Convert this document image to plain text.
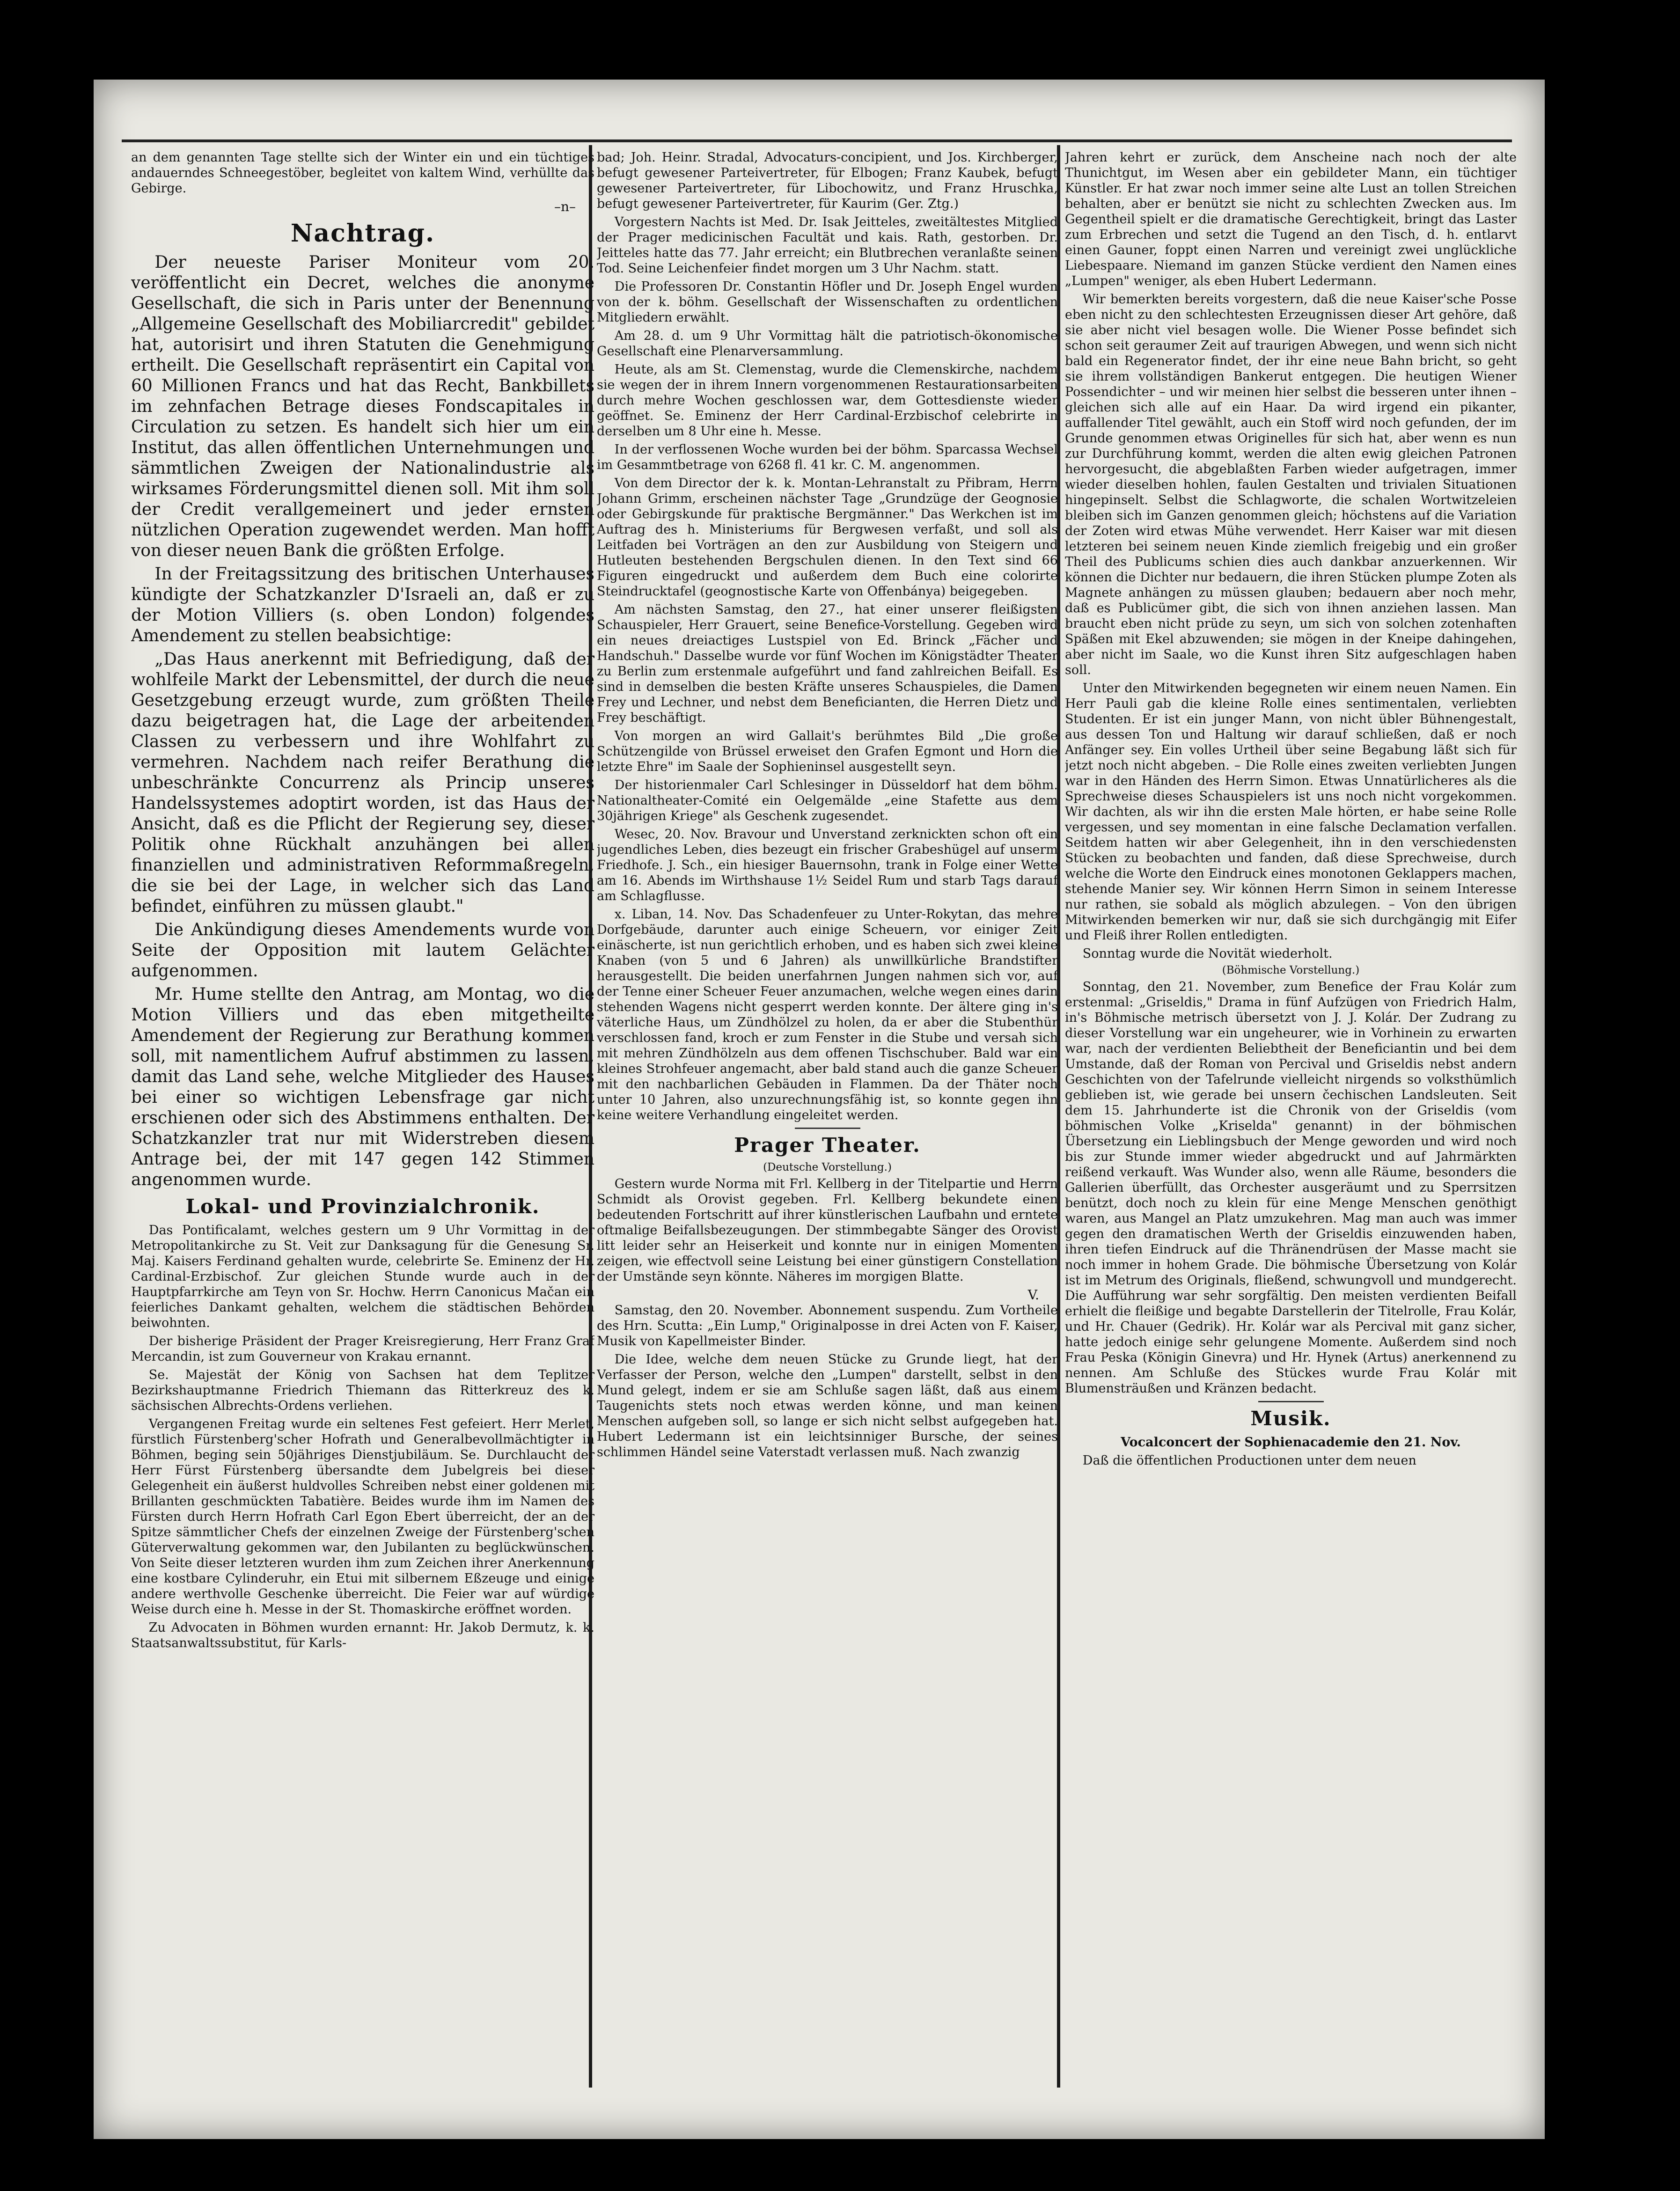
an dem genannten Tage stellte sich der Winter ein und ein tüchtiges andauerndes Schneegestöber, begleitet von kaltem Wind, verhüllte das Gebirge.

–n–
Nachtrag.

Der neueste Pariser Moniteur vom 20. veröffentlicht ein Decret, welches die anonyme Gesellschaft, die sich in Paris unter der Benennung „Allgemeine Gesellschaft des Mobiliarcredit" gebildet hat, autorisirt und ihren Statuten die Genehmigung ertheilt. Die Gesellschaft repräsentirt ein Capital von 60 Millionen Francs und hat das Recht, Bankbillets im zehnfachen Betrage dieses Fondscapitales in Circulation zu setzen. Es handelt sich hier um ein Institut, das allen öffentlichen Unternehmungen und sämmtlichen Zweigen der Nationalindustrie als wirksames Förderungsmittel dienen soll. Mit ihm soll der Credit verallgemeinert und jeder ernsten nützlichen Operation zugewendet werden. Man hofft von dieser neuen Bank die größten Erfolge.

In der Freitagssitzung des britischen Unterhauses kündigte der Schatzkanzler D'Israeli an, daß er zu der Motion Villiers (s. oben London) folgendes Amendement zu stellen beabsichtige:

„Das Haus anerkennt mit Befriedigung, daß der wohlfeile Markt der Lebensmittel, der durch die neue Gesetzgebung erzeugt wurde, zum größten Theile dazu beigetragen hat, die Lage der arbeitenden Classen zu verbessern und ihre Wohlfahrt zu vermehren. Nachdem nach reifer Berathung die unbeschränkte Concurrenz als Princip unseres Handelssystemes adoptirt worden, ist das Haus der Ansicht, daß es die Pflicht der Regierung sey, dieser Politik ohne Rückhalt anzuhängen bei allen finanziellen und administrativen Reformmaßregeln, die sie bei der Lage, in welcher sich das Land befindet, einführen zu müssen glaubt."

Die Ankündigung dieses Amendements wurde von Seite der Opposition mit lautem Gelächter aufgenommen.

Mr. Hume stellte den Antrag, am Montag, wo die Motion Villiers und das eben mitgetheilte Amendement der Regierung zur Berathung kommen soll, mit namentlichem Aufruf abstimmen zu lassen, damit das Land sehe, welche Mitglieder des Hauses bei einer so wichtigen Lebensfrage gar nicht erschienen oder sich des Abstimmens enthalten. Der Schatzkanzler trat nur mit Widerstreben diesem Antrage bei, der mit 147 gegen 142 Stimmen angenommen wurde.

Lokal- und Provinzialchronik.

Das Pontificalamt, welches gestern um 9 Uhr Vormittag in der Metropolitankirche zu St. Veit zur Danksagung für die Genesung Sr. Maj. Kaisers Ferdinand gehalten wurde, celebrirte Se. Eminenz der Hr. Cardinal-Erzbischof. Zur gleichen Stunde wurde auch in der Hauptpfarrkirche am Teyn von Sr. Hochw. Herrn Canonicus Mačan ein feierliches Dankamt gehalten, welchem die städtischen Behörden beiwohnten.

Der bisherige Präsident der Prager Kreisregierung, Herr Franz Graf Mercandin, ist zum Gouverneur von Krakau ernannt.

Se. Majestät der König von Sachsen hat dem Teplitzer Bezirkshauptmanne Friedrich Thiemann das Ritterkreuz des k. sächsischen Albrechts-Ordens verliehen.

Vergangenen Freitag wurde ein seltenes Fest gefeiert. Herr Merlet, fürstlich Fürstenberg'scher Hofrath und Generalbevollmächtigter in Böhmen, beging sein 50jähriges Dienstjubiläum. Se. Durchlaucht der Herr Fürst Fürstenberg übersandte dem Jubelgreis bei dieser Gelegenheit ein äußerst huldvolles Schreiben nebst einer goldenen mit Brillanten geschmückten Tabatière. Beides wurde ihm im Namen des Fürsten durch Herrn Hofrath Carl Egon Ebert überreicht, der an der Spitze sämmtlicher Chefs der einzelnen Zweige der Fürstenberg'schen Güterverwaltung gekommen war, den Jubilanten zu beglückwünschen. Von Seite dieser letzteren wurden ihm zum Zeichen ihrer Anerkennung eine kostbare Cylinderuhr, ein Etui mit silbernem Eßzeuge und einige andere werthvolle Geschenke überreicht. Die Feier war auf würdige Weise durch eine h. Messe in der St. Thomaskirche eröffnet worden.

Zu Advocaten in Böhmen wurden ernannt: Hr. Jakob Dermutz, k. k. Staatsanwaltssubstitut, für Karls-

bad; Joh. Heinr. Stradal, Advocaturs-concipient, und Jos. Kirchberger, befugt gewesener Parteivertreter, für Elbogen; Franz Kaubek, befugt gewesener Parteivertreter, für Libochowitz, und Franz Hruschka, befugt gewesener Parteivertreter, für Kaurim (Ger. Ztg.)

Vorgestern Nachts ist Med. Dr. Isak Jeitteles, zweitältestes Mitglied der Prager medicinischen Facultät und kais. Rath, gestorben. Dr. Jeitteles hatte das 77. Jahr erreicht; ein Blutbrechen veranlaßte seinen Tod. Seine Leichenfeier findet morgen um 3 Uhr Nachm. statt.

Die Professoren Dr. Constantin Höfler und Dr. Joseph Engel wurden von der k. böhm. Gesellschaft der Wissenschaften zu ordentlichen Mitgliedern erwählt.

Am 28. d. um 9 Uhr Vormittag hält die patriotisch-ökonomische Gesellschaft eine Plenarversammlung.

Heute, als am St. Clemenstag, wurde die Clemenskirche, nachdem sie wegen der in ihrem Innern vorgenommenen Restaurationsarbeiten durch mehre Wochen geschlossen war, dem Gottesdienste wieder geöffnet. Se. Eminenz der Herr Cardinal-Erzbischof celebrirte in derselben um 8 Uhr eine h. Messe.

In der verflossenen Woche wurden bei der böhm. Sparcassa Wechsel im Gesammtbetrage von 6268 fl. 41 kr. C. M. angenommen.

Von dem Director der k. k. Montan-Lehranstalt zu Přibram, Herrn Johann Grimm, erscheinen nächster Tage „Grundzüge der Geognosie oder Gebirgskunde für praktische Bergmänner." Das Werkchen ist im Auftrag des h. Ministeriums für Bergwesen verfaßt, und soll als Leitfaden bei Vorträgen an den zur Ausbildung von Steigern und Hutleuten bestehenden Bergschulen dienen. In den Text sind 66 Figuren eingedruckt und außerdem dem Buch eine colorirte Steindrucktafel (geognostische Karte von Offenbánya) beigegeben.

Am nächsten Samstag, den 27., hat einer unserer fleißigsten Schauspieler, Herr Grauert, seine Benefice-Vorstellung. Gegeben wird ein neues dreiactiges Lustspiel von Ed. Brinck „Fächer und Handschuh." Dasselbe wurde vor fünf Wochen im Königstädter Theater zu Berlin zum erstenmale aufgeführt und fand zahlreichen Beifall. Es sind in demselben die besten Kräfte unseres Schauspieles, die Damen Frey und Lechner, und nebst dem Beneficianten, die Herren Dietz und Frey beschäftigt.

Von morgen an wird Gallait's berühmtes Bild „Die große Schützengilde von Brüssel erweiset den Grafen Egmont und Horn die letzte Ehre" im Saale der Sophieninsel ausgestellt seyn.

Der historienmaler Carl Schlesinger in Düsseldorf hat dem böhm. Nationaltheater-Comité ein Oelgemälde „eine Stafette aus dem 30jährigen Kriege" als Geschenk zugesendet.

Wesec, 20. Nov. Bravour und Unverstand zerknickten schon oft ein jugendliches Leben, dies bezeugt ein frischer Grabeshügel auf unserm Friedhofe. J. Sch., ein hiesiger Bauernsohn, trank in Folge einer Wette am 16. Abends im Wirthshause 1½ Seidel Rum und starb Tags darauf am Schlagflusse.

x. Liban, 14. Nov. Das Schadenfeuer zu Unter-Rokytan, das mehre Dorfgebäude, darunter auch einige Scheuern, vor einiger Zeit einäscherte, ist nun gerichtlich erhoben, und es haben sich zwei kleine Knaben (von 5 und 6 Jahren) als unwillkürliche Brandstifter herausgestellt. Die beiden unerfahrnen Jungen nahmen sich vor, auf der Tenne einer Scheuer Feuer anzumachen, welche wegen eines darin stehenden Wagens nicht gesperrt werden konnte. Der ältere ging in's väterliche Haus, um Zündhölzel zu holen, da er aber die Stubenthür verschlossen fand, kroch er zum Fenster in die Stube und versah sich mit mehren Zündhölzeln aus dem offenen Tischschuber. Bald war ein kleines Strohfeuer angemacht, aber bald stand auch die ganze Scheuer mit den nachbarlichen Gebäuden in Flammen. Da der Thäter noch unter 10 Jahren, also unzurechnungsfähig ist, so konnte gegen ihn keine weitere Verhandlung eingeleitet werden.

Prager Theater.
(Deutsche Vorstellung.)

Gestern wurde Norma mit Frl. Kellberg in der Titelpartie und Herrn Schmidt als Orovist gegeben. Frl. Kellberg bekundete einen bedeutenden Fortschritt auf ihrer künstlerischen Laufbahn und erntete oftmalige Beifallsbezeugungen. Der stimmbegabte Sänger des Orovist litt leider sehr an Heiserkeit und konnte nur in einigen Momenten zeigen, wie effectvoll seine Leistung bei einer günstigern Constellation der Umstände seyn könnte. Näheres im morgigen Blatte.

V.

Samstag, den 20. November. Abonnement suspendu. Zum Vortheile des Hrn. Scutta: „Ein Lump," Originalposse in drei Acten von F. Kaiser, Musik von Kapellmeister Binder.

Die Idee, welche dem neuen Stücke zu Grunde liegt, hat der Verfasser der Person, welche den „Lumpen" darstellt, selbst in den Mund gelegt, indem er sie am Schluße sagen läßt, daß aus einem Taugenichts stets noch etwas werden könne, und man keinen Menschen aufgeben soll, so lange er sich nicht selbst aufgegeben hat. Hubert Ledermann ist ein leichtsinniger Bursche, der seines schlimmen Händel seine Vaterstadt verlassen muß. Nach zwanzig

Jahren kehrt er zurück, dem Anscheine nach noch der alte Thunichtgut, im Wesen aber ein gebildeter Mann, ein tüchtiger Künstler. Er hat zwar noch immer seine alte Lust an tollen Streichen behalten, aber er benützt sie nicht zu schlechten Zwecken aus. Im Gegentheil spielt er die dramatische Gerechtigkeit, bringt das Laster zum Erbrechen und setzt die Tugend an den Tisch, d. h. entlarvt einen Gauner, foppt einen Narren und vereinigt zwei unglückliche Liebespaare. Niemand im ganzen Stücke verdient den Namen eines „Lumpen" weniger, als eben Hubert Ledermann.

Wir bemerkten bereits vorgestern, daß die neue Kaiser'sche Posse eben nicht zu den schlechtesten Erzeugnissen dieser Art gehöre, daß sie aber nicht viel besagen wolle. Die Wiener Posse befindet sich schon seit geraumer Zeit auf traurigen Abwegen, und wenn sich nicht bald ein Regenerator findet, der ihr eine neue Bahn bricht, so geht sie ihrem vollständigen Bankerut entgegen. Die heutigen Wiener Possendichter – und wir meinen hier selbst die besseren unter ihnen – gleichen sich alle auf ein Haar. Da wird irgend ein pikanter, auffallender Titel gewählt, auch ein Stoff wird noch gefunden, der im Grunde genommen etwas Originelles für sich hat, aber wenn es nun zur Durchführung kommt, werden die alten ewig gleichen Patronen hervorgesucht, die abgeblaßten Farben wieder aufgetragen, immer wieder dieselben hohlen, faulen Gestalten und trivialen Situationen hingepinselt. Selbst die Schlagworte, die schalen Wortwitzeleien bleiben sich im Ganzen genommen gleich; höchstens auf die Variation der Zoten wird etwas Mühe verwendet. Herr Kaiser war mit diesen letzteren bei seinem neuen Kinde ziemlich freigebig und ein großer Theil des Publicums schien dies auch dankbar anzuerkennen. Wir können die Dichter nur bedauern, die ihren Stücken plumpe Zoten als Magnete anhängen zu müssen glauben; bedauern aber noch mehr, daß es Publicümer gibt, die sich von ihnen anziehen lassen. Man braucht eben nicht prüde zu seyn, um sich von solchen zotenhaften Späßen mit Ekel abzuwenden; sie mögen in der Kneipe dahingehen, aber nicht im Saale, wo die Kunst ihren Sitz aufgeschlagen haben soll.

Unter den Mitwirkenden begegneten wir einem neuen Namen. Ein Herr Pauli gab die kleine Rolle eines sentimentalen, verliebten Studenten. Er ist ein junger Mann, von nicht übler Bühnengestalt, aus dessen Ton und Haltung wir darauf schließen, daß er noch Anfänger sey. Ein volles Urtheil über seine Begabung läßt sich für jetzt noch nicht abgeben. – Die Rolle eines zweiten verliebten Jungen war in den Händen des Herrn Simon. Etwas Unnatürlicheres als die Sprechweise dieses Schauspielers ist uns noch nicht vorgekommen. Wir dachten, als wir ihn die ersten Male hörten, er habe seine Rolle vergessen, und sey momentan in eine falsche Declamation verfallen. Seitdem hatten wir aber Gelegenheit, ihn in den verschiedensten Stücken zu beobachten und fanden, daß diese Sprechweise, durch welche die Worte den Eindruck eines monotonen Geklappers machen, stehende Manier sey. Wir können Herrn Simon in seinem Interesse nur rathen, sie sobald als möglich abzulegen. – Von den übrigen Mitwirkenden bemerken wir nur, daß sie sich durchgängig mit Eifer und Fleiß ihrer Rollen entledigten.

Sonntag wurde die Novität wiederholt.

(Böhmische Vorstellung.)

Sonntag, den 21. November, zum Benefice der Frau Kolár zum erstenmal: „Griseldis," Drama in fünf Aufzügen von Friedrich Halm, in's Böhmische metrisch übersetzt von J. J. Kolár. Der Zudrang zu dieser Vorstellung war ein ungeheurer, wie in Vorhinein zu erwarten war, nach der verdienten Beliebtheit der Beneficiantin und bei dem Umstande, daß der Roman von Percival und Griseldis nebst andern Geschichten von der Tafelrunde vielleicht nirgends so volksthümlich geblieben ist, wie gerade bei unsern čechischen Landsleuten. Seit dem 15. Jahrhunderte ist die Chronik von der Griseldis (vom böhmischen Volke „Kriselda" genannt) in der böhmischen Übersetzung ein Lieblingsbuch der Menge geworden und wird noch bis zur Stunde immer wieder abgedruckt und auf Jahrmärkten reißend verkauft. Was Wunder also, wenn alle Räume, besonders die Gallerien überfüllt, das Orchester ausgeräumt und zu Sperrsitzen benützt, doch noch zu klein für eine Menge Menschen genöthigt waren, aus Mangel an Platz umzukehren. Mag man auch was immer gegen den dramatischen Werth der Griseldis einzuwenden haben, ihren tiefen Eindruck auf die Thränendrüsen der Masse macht sie noch immer in hohem Grade. Die böhmische Übersetzung von Kolár ist im Metrum des Originals, fließend, schwungvoll und mundgerecht. Die Aufführung war sehr sorgfältig. Den meisten verdienten Beifall erhielt die fleißige und begabte Darstellerin der Titelrolle, Frau Kolár, und Hr. Chauer (Gedrik). Hr. Kolár war als Percival mit ganz sicher, hatte jedoch einige sehr gelungene Momente. Außerdem sind noch Frau Peska (Königin Ginevra) und Hr. Hynek (Artus) anerkennend zu nennen. Am Schluße des Stückes wurde Frau Kolár mit Blumensträußen und Kränzen bedacht.

Musik.

Vocalconcert der Sophienacademie den 21. Nov.

Daß die öffentlichen Productionen unter dem neuen
